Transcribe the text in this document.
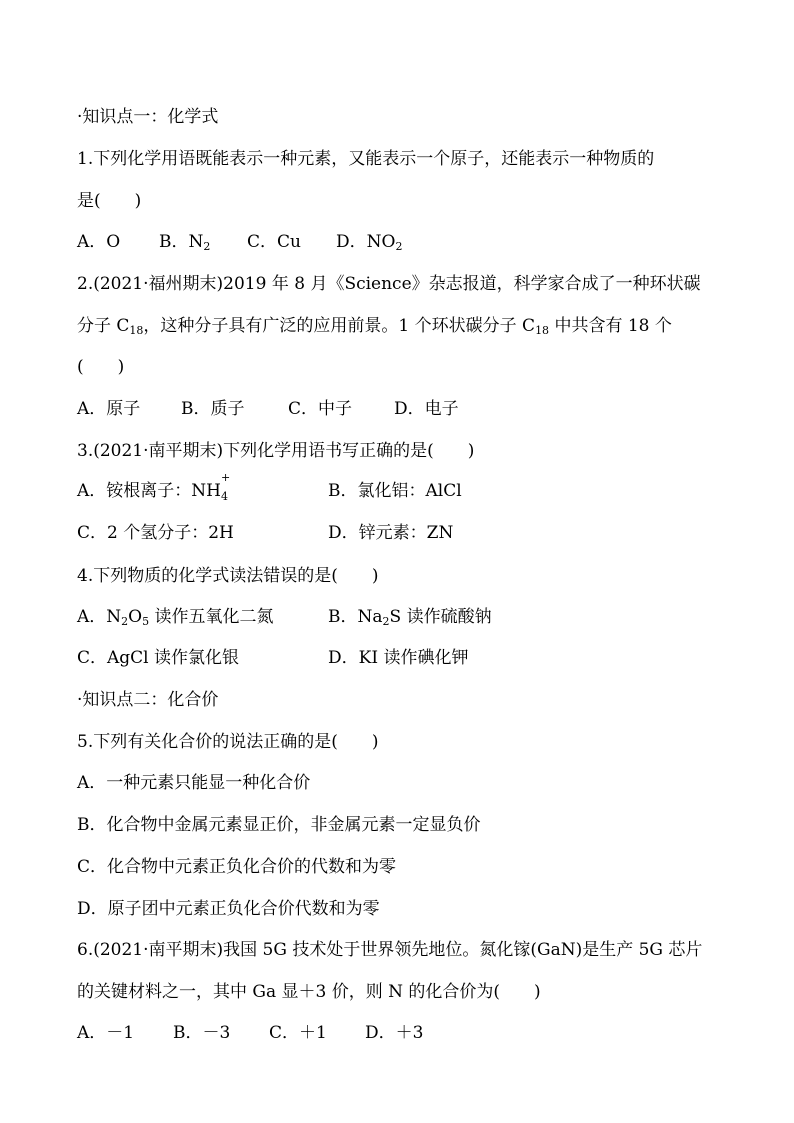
·知识点一：化学式
1.下列化学用语既能表示一种元素，又能表示一个原子，还能表示一种物质的
是(　　)
A．O B．$N_2$ C．Cu D．$NO_2$
2.(2021·福州期末)2019 年 8 月《Science》杂志报道，科学家合成了一种环状碳
分子 $C_{18}$，这种分子具有广泛的应用前景。1 个环状碳分子 $C_{18}$ 中共含有 18 个
(　　)
A．原子 B．质子	C．中子 D．电子
3.(2021·南平期末)下列化学用语书写正确的是(　　)
A．铵根离子：NH
+
$_4$	B．氯化铝：AlCl
C．2 个氢分子：2H	D．锌元素：ZN
4.下列物质的化学式读法错误的是(　　)
A．$N_2O_5$ 读作五氧化二氮	B．$Na_2S$ 读作硫酸钠
C．AgCl 读作氯化银	D．KI 读作碘化钾
·知识点二：化合价
5.下列有关化合价的说法正确的是(　　)
A．一种元素只能显一种化合价
B．化合物中金属元素显正价，非金属元素一定显负价
C．化合物中元素正负化合价的代数和为零
D．原子团中元素正负化合价代数和为零
6.(2021·南平期末)我国 5G 技术处于世界领先地位。氮化镓(GaN)是生产 5G 芯片
的关键材料之一，其中 Ga 显＋3 价，则 N 的化合价为(　　)
A．－1 B．－3 C．＋1 D．＋3
